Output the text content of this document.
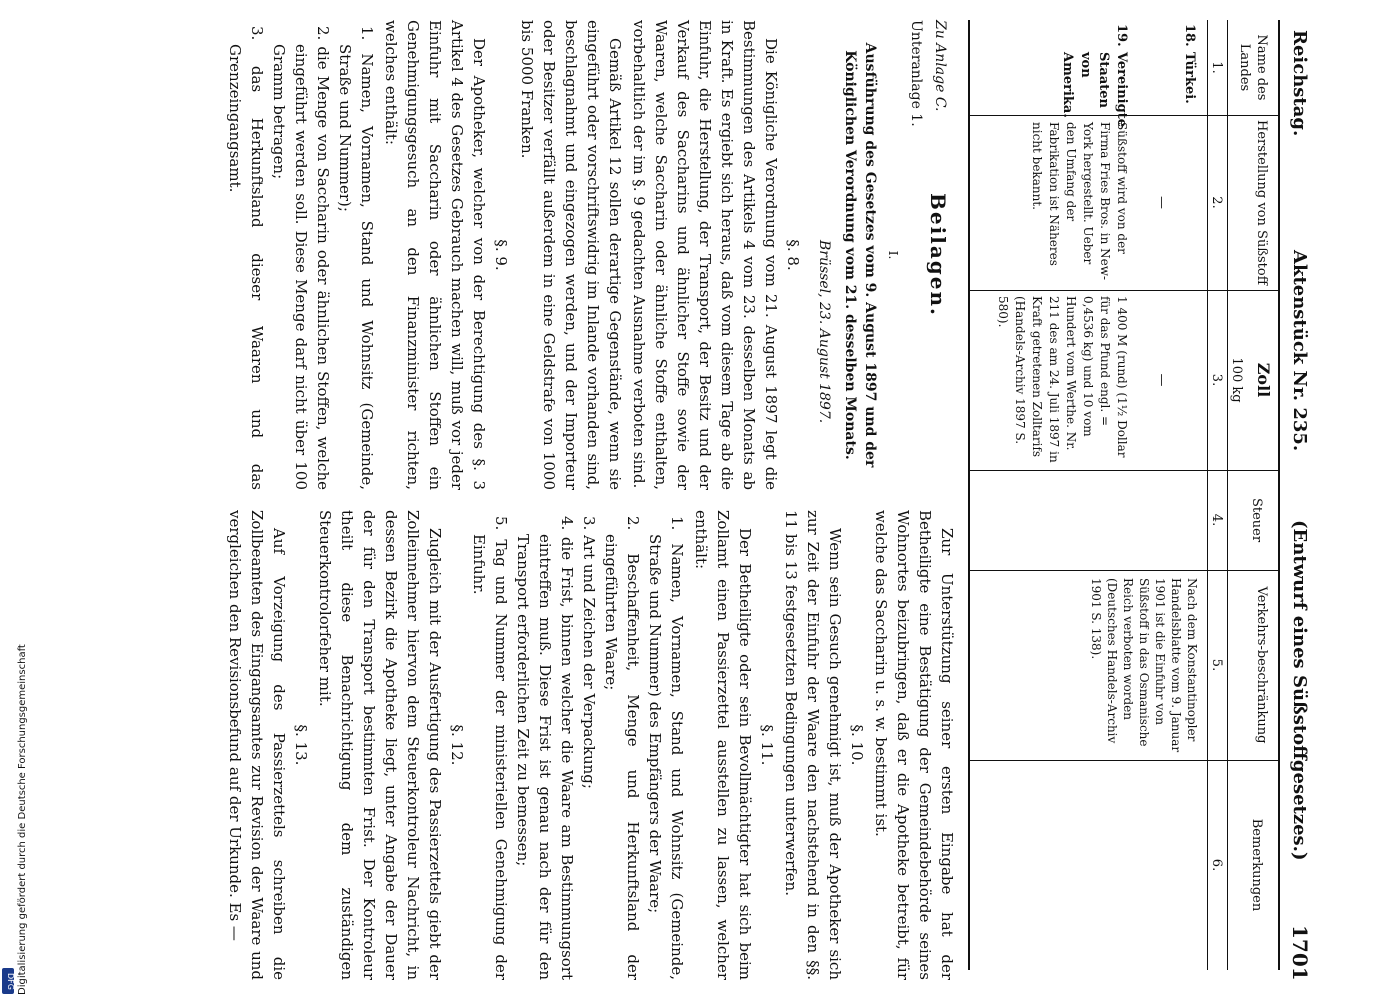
Reichstag.
Aktenstück Nr. 235.
(Entwurf eines Süßstoffgesetzes.)
1701
Name des Landes
Herstellung von Süßstoff
Zoll
100 kg
Steuer
Verkehrs-beschränkung
Bemerkungen
1.
2.
3.
4.
5.
6.
18.
Türkei.
Nach dem Konstantinopler Handelsblatte vom 9. Januar 1901 ist die Einfuhr von Süßstoff in das Osmanische Reich verboten worden (Deutsches Handels-Archiv 1901 S. 138).
19.
Vereinigte Staaten von Amerika.
Süßstoff wird von der Firma Fries Bros. in New-York hergestellt. Ueber den Umfang der Fabrikation ist Näheres nicht bekannt.	—
—
1 400 M (rund) (1½ Dollar für das Pfund engl. = 0,4536 kg) und 10 vom Hundert vom Werthe. Nr. 211 des am 24. Juli 1897 in Kraft getretenen Zolltarifs (Handels-Archiv 1897 S. 580).
Beilagen.
Zu Anlage C.
Unteranlage 1.
I.
Ausführung des Gesetzes vom 9. August 1897 und der Königlichen Verordnung vom 21. desselben Monats.
Brüssel, 23. August 1897.
§. 8.

Die Königliche Verordnung vom 21. August 1897 legt die Bestimmungen des Artikels 4 vom 23. desselben Monats ab in Kraft. Es ergiebt sich heraus, daß vom diesem Tage ab die Einfuhr, die Herstellung, der Transport, der Besitz und der Verkauf des Saccharins und ähnlicher Stoffe sowie der Waaren, welche Saccharin oder ähnliche Stoffe enthalten, vorbehaltlich der im §. 9 gedachten Ausnahme verboten sind.

Gemäß Artikel 12 sollen derartige Gegenstände, wenn sie eingeführt oder vorschriftswidrig im Inlande vorhanden sind, beschlagnahmt und eingezogen werden, und der Importeur oder Besitzer verfällt außerdem in eine Geldstrafe von 1000 bis 5000 Franken.

§. 9.

Der Apotheker, welcher von der Berechtigung des §. 3 Artikel 4 des Gesetzes Gebrauch machen will, muß vor jeder Einfuhr mit Saccharin oder ähnlichen Stoffen ein Genehmigungsgesuch an den Finanzminister richten, welches enthält:

1. Namen, Vornamen, Stand und Wohnsitz (Gemeinde, Straße und Nummer);

2. die Menge von Saccharin oder ähnlichen Stoffen, welche eingeführt werden soll. Diese Menge darf nicht über 100 Gramm betragen;

3. das Herkunftsland dieser Waaren und das Grenzeingangsamt.

Zur Unterstützung seiner ersten Eingabe hat der Betheiligte eine Bestätigung der Gemeindebehörde seines Wohnortes beizubringen, daß er die Apotheke betreibt, für welche das Saccharin u. s. w. bestimmt ist.

§. 10.

Wenn sein Gesuch genehmigt ist, muß der Apotheker sich zur Zeit der Einfuhr der Waare den nachstehend in den §§. 11 bis 13 festgesetzten Bedingungen unterwerfen.

§. 11.

Der Betheiligte oder sein Bevollmächtigter hat sich beim Zollamt einen Passierzettel ausstellen zu lassen, welcher enthält:

1. Namen, Vornamen, Stand und Wohnsitz (Gemeinde, Straße und Nummer) des Empfängers der Waare;

2. Beschaffenheit, Menge und Herkunftsland der eingeführten Waare;

3. Art und Zeichen der Verpackung;

4. die Frist, binnen welcher die Waare am Bestimmungsort eintreffen muß. Diese Frist ist genau nach der für den Transport erforderlichen Zeit zu bemessen;

5. Tag und Nummer der ministeriellen Genehmigung der Einfuhr.

§. 12.

Zugleich mit der Ausfertigung des Passierzettels giebt der Zolleinnehmer hiervon dem Steuerkontroleur Nachricht, in dessen Bezirk die Apotheke liegt, unter Angabe der Dauer der für den Transport bestimmten Frist. Der Kontroleur theilt diese Benachrichtigung dem zuständigen Steuerkontrolorfeher mit.

§. 13.

Auf Vorzeigung des Passierzettels schreiben die Zollbeamten des Eingangsamtes zur Revision der Waare und vergleichen den Revisionsbefund auf der Urkunde. Es —

Digitalisierung gefördert durch die Deutsche Forschungsgemeinschaft
DFG
